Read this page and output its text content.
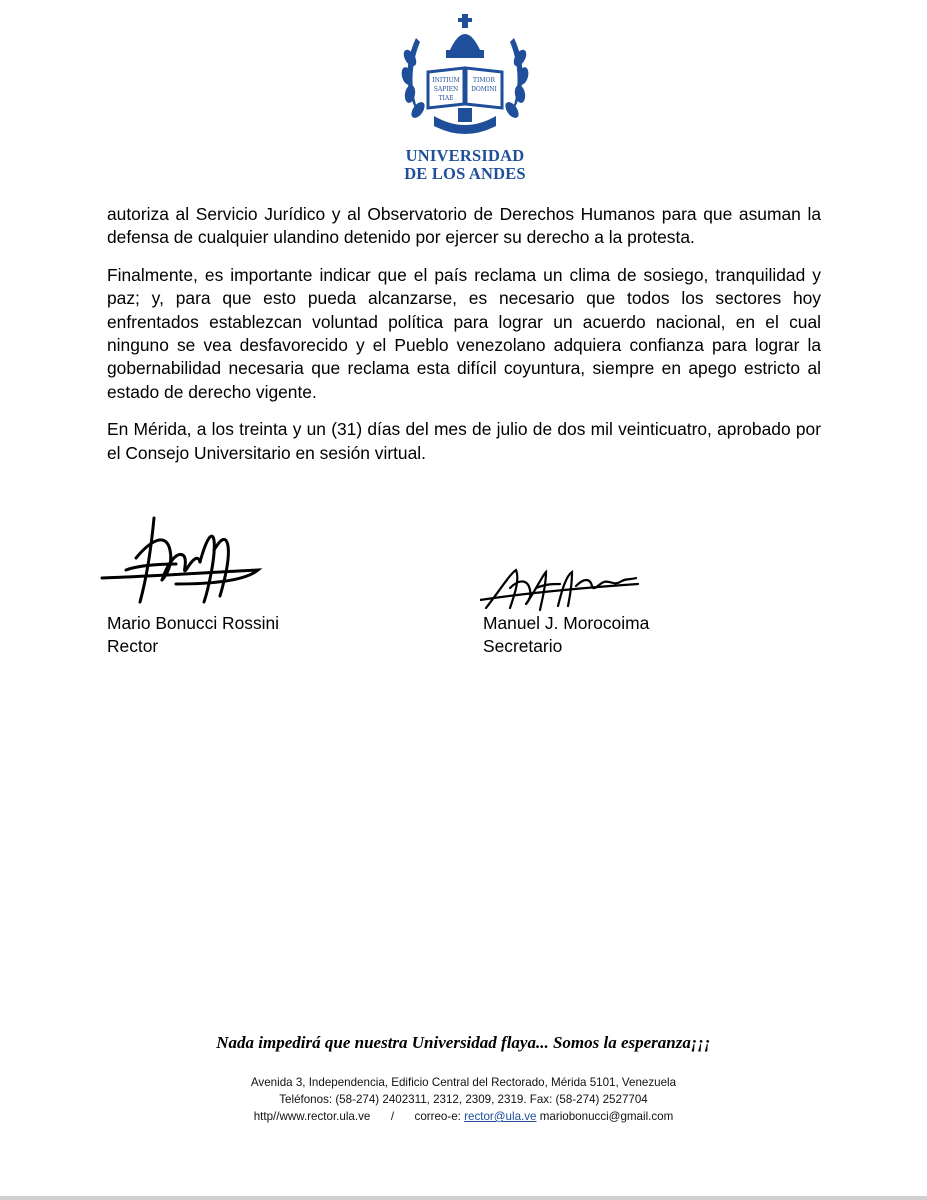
INITIUM
SAPIEN
TIAE
TIMOR
DOMINI
UNIVERSIDAD
DE LOS ANDES

autoriza al Servicio Jurídico y al Observatorio de Derechos Humanos para que asuman la defensa de cualquier ulandino detenido por ejercer su derecho a la protesta.

Finalmente, es importante indicar que el país reclama un clima de sosiego, tranquilidad y paz; y, para que esto pueda alcanzarse, es necesario que todos los sectores hoy enfrentados establezcan voluntad política para lograr un acuerdo nacional, en el cual ninguno se vea desfavorecido y el Pueblo venezolano adquiera confianza para lograr la gobernabilidad necesaria que reclama esta difícil coyuntura, siempre en apego estricto al estado de derecho vigente.

En Mérida, a los treinta y un (31) días del mes de julio de dos mil veinticuatro, aprobado por el Consejo Universitario en sesión virtual.

Mario Bonucci Rossini
Rector
Manuel J. Morocoima
Secretario
Nada impedirá que nuestra Universidad flaya... Somos la esperanza¡¡¡
Avenida 3, Independencia, Edificio Central del Rectorado, Mérida 5101, Venezuela
Teléfonos: (58-274) 2402311, 2312, 2309, 2319. Fax: (58-274) 2527704
http//www.rector.ula.ve / correo-e: rector@ula.ve mariobonucci@gmail.com
